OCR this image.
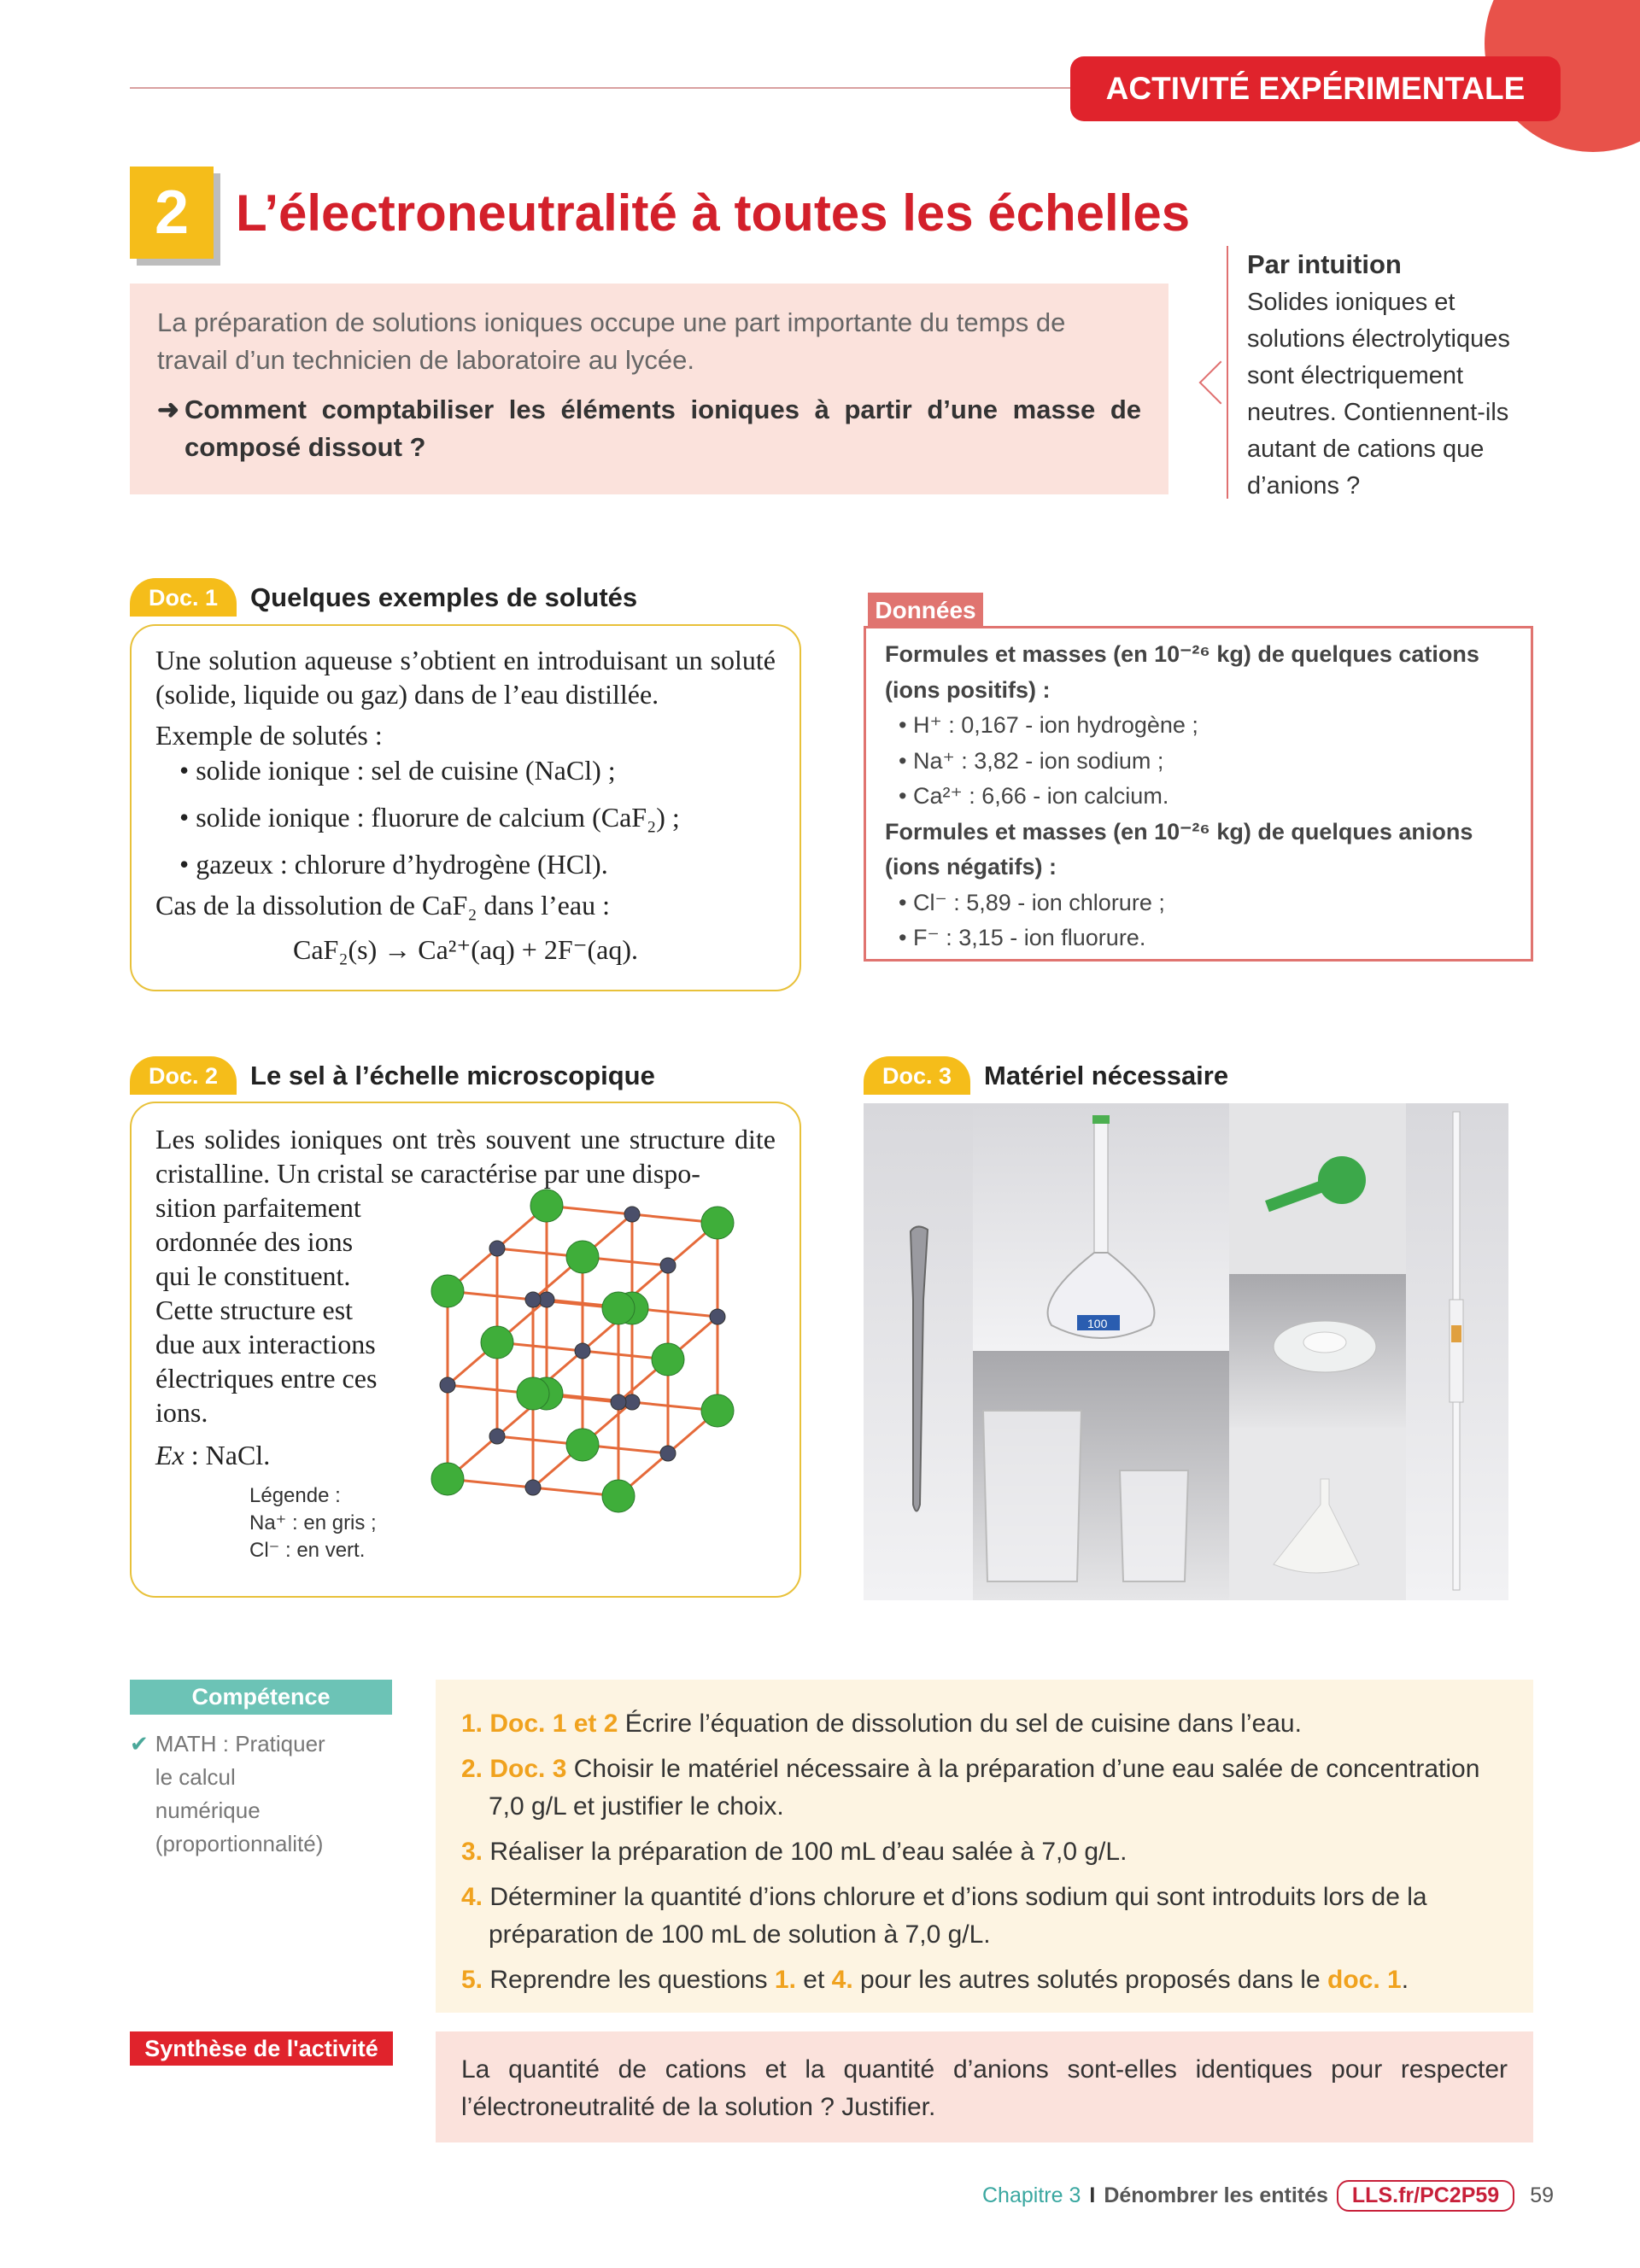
ACTIVITÉ EXPÉRIMENTALE
2 L’électroneutralité à toutes les échelles
La préparation de solutions ioniques occupe une part importante du temps de travail d’un technicien de laboratoire au lycée.
➜ Comment comptabiliser les éléments ioniques à partir d’une masse de composé dissout ?
Par intuition
Solides ioniques et solutions électrolytiques sont électriquement neutres. Contiennent-ils autant de cations que d’anions ?
Doc. 1	Quelques exemples de solutés
Une solution aqueuse s’obtient en introduisant un soluté (solide, liquide ou gaz) dans de l’eau distillée.
Exemple de solutés :
• solide ionique : sel de cuisine (NaCl) ;
• solide ionique : fluorure de calcium (CaF₂) ;
• gazeux : chlorure d’hydrogène (HCl).
Cas de la dissolution de CaF₂ dans l’eau :
CaF₂(s) → Ca²⁺(aq) + 2F⁻(aq).
Données
Formules et masses (en 10⁻²⁶ kg) de quelques cations (ions positifs) :
• H⁺ : 0,167 - ion hydrogène ;
• Na⁺ : 3,82 - ion sodium ;
• Ca²⁺ : 6,66 - ion calcium.
Formules et masses (en 10⁻²⁶ kg) de quelques anions (ions négatifs) :
• Cl⁻ : 5,89 - ion chlorure ;
• F⁻ : 3,15 - ion fluorure.
Doc. 2	Le sel à l’échelle microscopique
Les solides ioniques ont très souvent une structure dite cristalline. Un cristal se caractérise par une dispo-
sition parfaitement ordonnée des ions qui le constituent. Cette structure est due aux interactions électriques entre ces ions.
Ex : NaCl.
Légende :
Na⁺ : en gris ;
Cl⁻ : en vert.
Doc. 3	Matériel nécessaire
100
Compétence
✔ MATH : Pratiquer le calcul numérique (proportionnalité)
1. Doc. 1 et 2 Écrire l’équation de dissolution du sel de cuisine dans l’eau.
2. Doc. 3 Choisir le matériel nécessaire à la préparation d’une eau salée de concentration 7,0 g/L et justifier le choix.
3. Réaliser la préparation de 100 mL d’eau salée à 7,0 g/L.
4. Déterminer la quantité d’ions chlorure et d’ions sodium qui sont introduits lors de la préparation de 100 mL de solution à 7,0 g/L.
5. Reprendre les questions 1. et 4. pour les autres solutés proposés dans le doc. 1.
Synthèse de l'activité
La quantité de cations et la quantité d’anions sont-elles identiques pour respecter l’électroneutralité de la solution ? Justifier.
Chapitre 3 I Dénombrer les entités	LLS.fr/PC2P59	59
